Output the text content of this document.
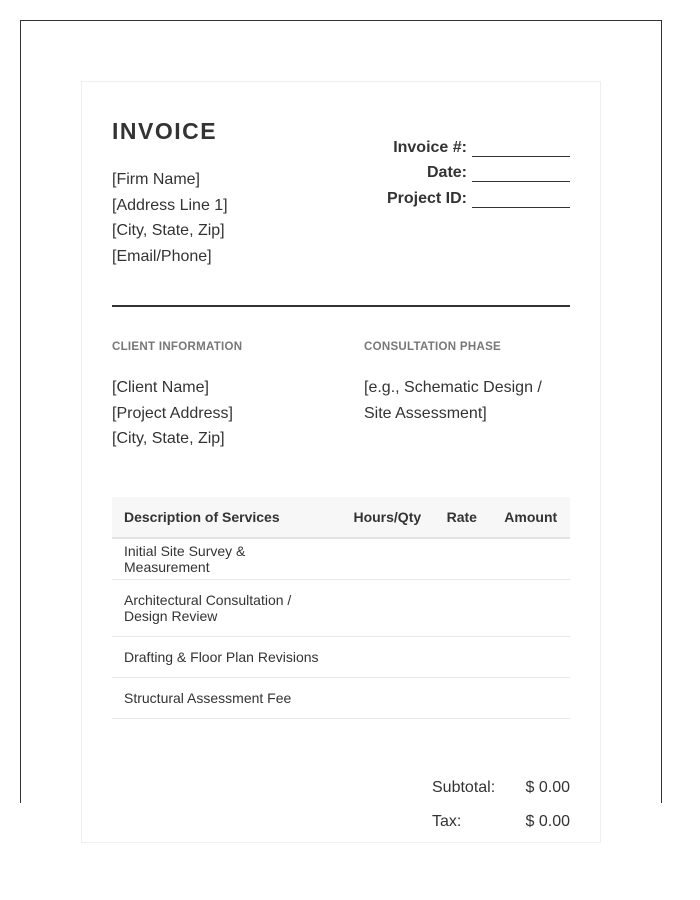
INVOICE
[Firm Name]
[Address Line 1]
[City, State, Zip]
[Email/Phone]
Invoice #:
Date:
Project ID:
CLIENT INFORMATION	CONSULTATION PHASE
[Client Name]
[Project Address]
[City, State, Zip]
[e.g., Schematic Design /
Site Assessment]
Description of Services	Hours/Qty	Rate	Amount
Initial Site Survey & Measurement			

Architectural Consultation /
Design Review			

Drafting & Floor Plan Revisions			
Structural Assessment Fee			
Subtotal:	$ 0.00
Tax:	$ 0.00
